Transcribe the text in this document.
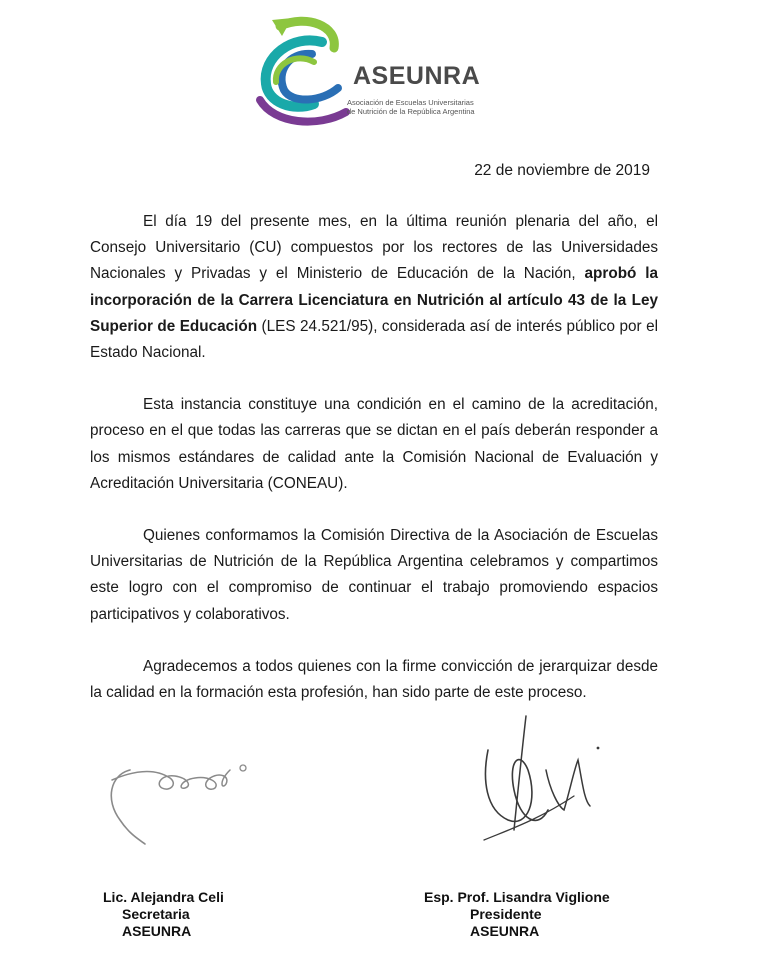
ASEUNRA
Asociación de Escuelas Universitarias
de Nutrición de la República Argentina
22 de noviembre de 2019

El día 19 del presente mes, en la última reunión plenaria del año, el Consejo Universitario (CU) compuestos por los rectores de las Universidades Nacionales y Privadas y el Ministerio de Educación de la Nación, aprobó la incorporación de la Carrera Licenciatura en Nutrición al artículo 43 de la Ley Superior de Educación (LES 24.521/95), considerada así de interés público por el Estado Nacional.

Esta instancia constituye una condición en el camino de la acreditación, proceso en el que todas las carreras que se dictan en el país deberán responder a los mismos estándares de calidad ante la Comisión Nacional de Evaluación y Acreditación Universitaria (CONEAU).

Quienes conformamos la Comisión Directiva de la Asociación de Escuelas Universitarias de Nutrición de la República Argentina celebramos y compartimos este logro con el compromiso de continuar el trabajo promoviendo espacios participativos y colaborativos.

Agradecemos a todos quienes con la firme convicción de jerarquizar desde la calidad en la formación esta profesión, han sido parte de este proceso.

Lic. Alejandra Celi
Secretaria
ASEUNRA
Esp. Prof. Lisandra Viglione
Presidente
ASEUNRA
